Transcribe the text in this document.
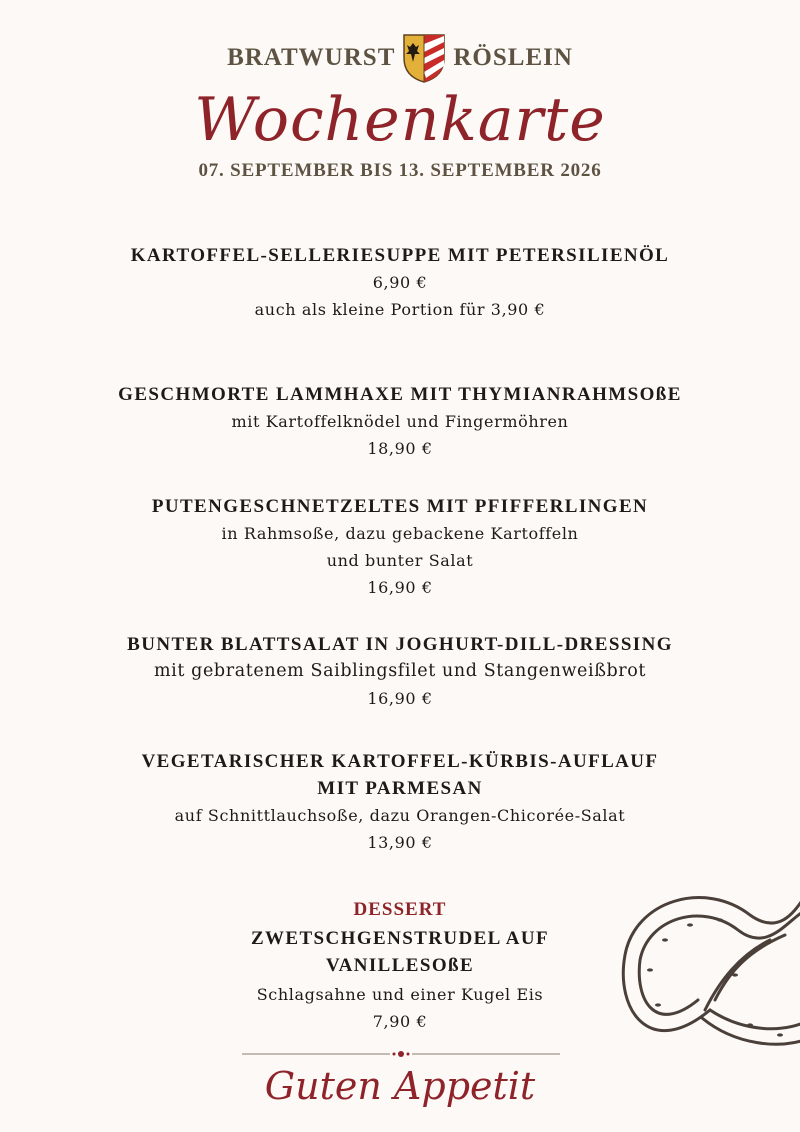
BRATWURST RÖSLEIN
Wochenkarte
07. SEPTEMBER BIS 13. SEPTEMBER 2026
KARTOFFEL-SELLERIESUPPE MIT PETERSILIENÖL
6,90 €
auch als kleine Portion für 3,90 €
GESCHMORTE LAMMHAXE MIT THYMIANRAHMSOßE
mit Kartoffelknödel und Fingermöhren
18,90 €
PUTENGESCHNETZELTES MIT PFIFFERLINGEN
in Rahmsoße, dazu gebackene Kartoffeln
und bunter Salat
16,90 €
BUNTER BLATTSALAT IN JOGHURT-DILL-DRESSING
mit gebratenem Saiblingsfilet und Stangenweißbrot
16,90 €
VEGETARISCHER KARTOFFEL-KÜRBIS-AUFLAUF
MIT PARMESAN
auf Schnittlauchsoße, dazu Orangen-Chicorée-Salat
13,90 €
DESSERT
ZWETSCHGENSTRUDEL AUF
VANILLESOßE
Schlagsahne und einer Kugel Eis
7,90 €
Guten Appetit
